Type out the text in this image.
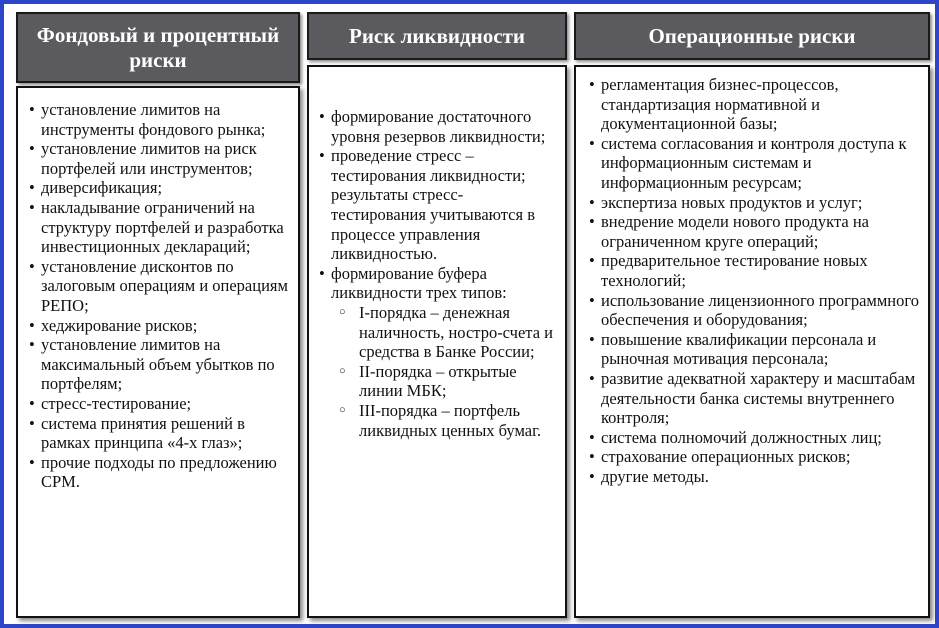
Фондовый и процентный риски
• установление лимитов на инструменты фондового рынка;
• установление лимитов на риск портфелей или инструментов;
• диверсификация;
• накладывание ограничений на структуру портфелей и разработка инвестиционных деклараций;
• установление дисконтов по залоговым операциям и операциям РЕПО;
• хеджирование рисков;
• установление лимитов на максимальный объем убытков по портфелям;
• стресс-тестирование;
• система принятия решений в рамках принципа «4-х глаз»;
• прочие подходы по предложению СРМ.
Риск ликвидности
• формирование достаточного уровня резервов ликвидности;
• проведение стресс – тестирования ликвидности; результаты стресс-тестирования учитываются в процессе управления ликвидностью.
• формирование буфера ликвидности трех типов:
○ I-порядка – денежная наличность, ностро-счета и средства в Банке России;
○ II-порядка – открытые линии МБК;
○ III-порядка – портфель ликвидных ценных бумаг.
Операционные риски
• регламентация бизнес-процессов, стандартизация нормативной и документационной базы;
• система согласования и контроля доступа к информационным системам и информационным ресурсам;
• экспертиза новых продуктов и услуг;
• внедрение модели нового продукта на ограниченном круге операций;
• предварительное тестирование новых технологий;
• использование лицензионного программного обеспечения и оборудования;
• повышение квалификации персонала и рыночная мотивация персонала;
• развитие адекватной характеру и масштабам деятельности банка системы внутреннего контроля;
• система полномочий должностных лиц;
• страхование операционных рисков;
• другие методы.
